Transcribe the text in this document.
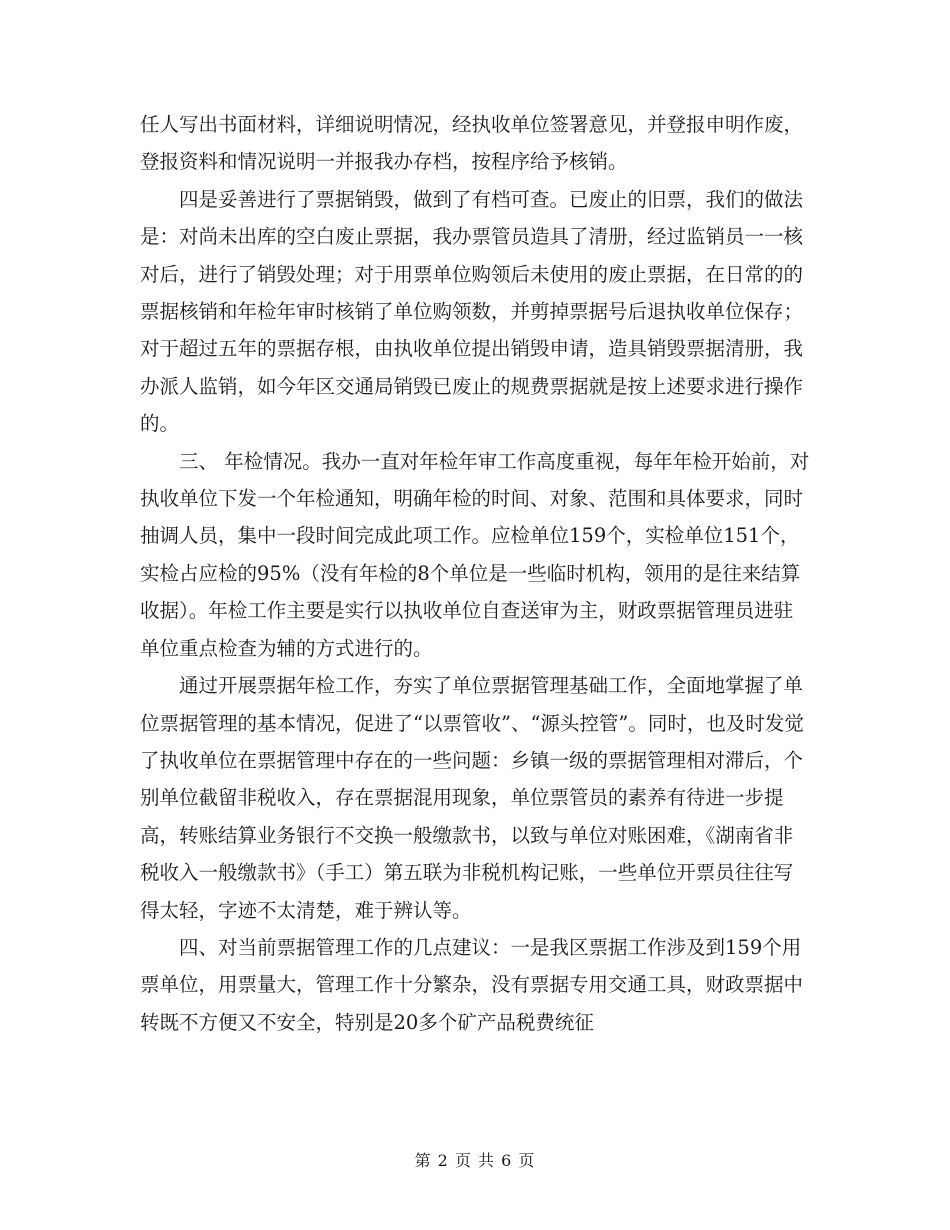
任人写出书面材料，详细说明情况，经执收单位签署意见，并登报申明作废，登报资料和情况说明一并报我办存档，按程序给予核销。

四是妥善进行了票据销毁，做到了有档可查。已废止的旧票，我们的做法是：对尚未出库的空白废止票据，我办票管员造具了清册，经过监销员一一核对后，进行了销毁处理；对于用票单位购领后未使用的废止票据，在日常的的票据核销和年检年审时核销了单位购领数，并剪掉票据号后退执收单位保存；对于超过五年的票据存根，由执收单位提出销毁申请，造具销毁票据清册，我办派人监销，如今年区交通局销毁已废止的规费票据就是按上述要求进行操作的。

三、 年检情况。我办一直对年检年审工作高度重视，每年年检开始前，对执收单位下发一个年检通知，明确年检的时间、对象、范围和具体要求，同时抽调人员，集中一段时间完成此项工作。应检单位159个，实检单位151个，实检占应检的95%（没有年检的8个单位是一些临时机构，领用的是往来结算收据）。年检工作主要是实行以执收单位自查送审为主，财政票据管理员进驻单位重点检查为辅的方式进行的。

通过开展票据年检工作，夯实了单位票据管理基础工作，全面地掌握了单位票据管理的基本情况，促进了“以票管收”、“源头控管”。同时，也及时发觉了执收单位在票据管理中存在的一些问题：乡镇一级的票据管理相对滞后，个别单位截留非税收入，存在票据混用现象，单位票管员的素养有待进一步提高，转账结算业务银行不交换一般缴款书，以致与单位对账困难，《湖南省非税收入一般缴款书》（手工）第五联为非税机构记账，一些单位开票员往往写得太轻，字迹不太清楚，难于辨认等。

四、对当前票据管理工作的几点建议：一是我区票据工作涉及到159个用票单位，用票量大，管理工作十分繁杂，没有票据专用交通工具，财政票据中转既不方便又不安全，特别是20多个矿产品税费统征

第 2 页 共 6 页
